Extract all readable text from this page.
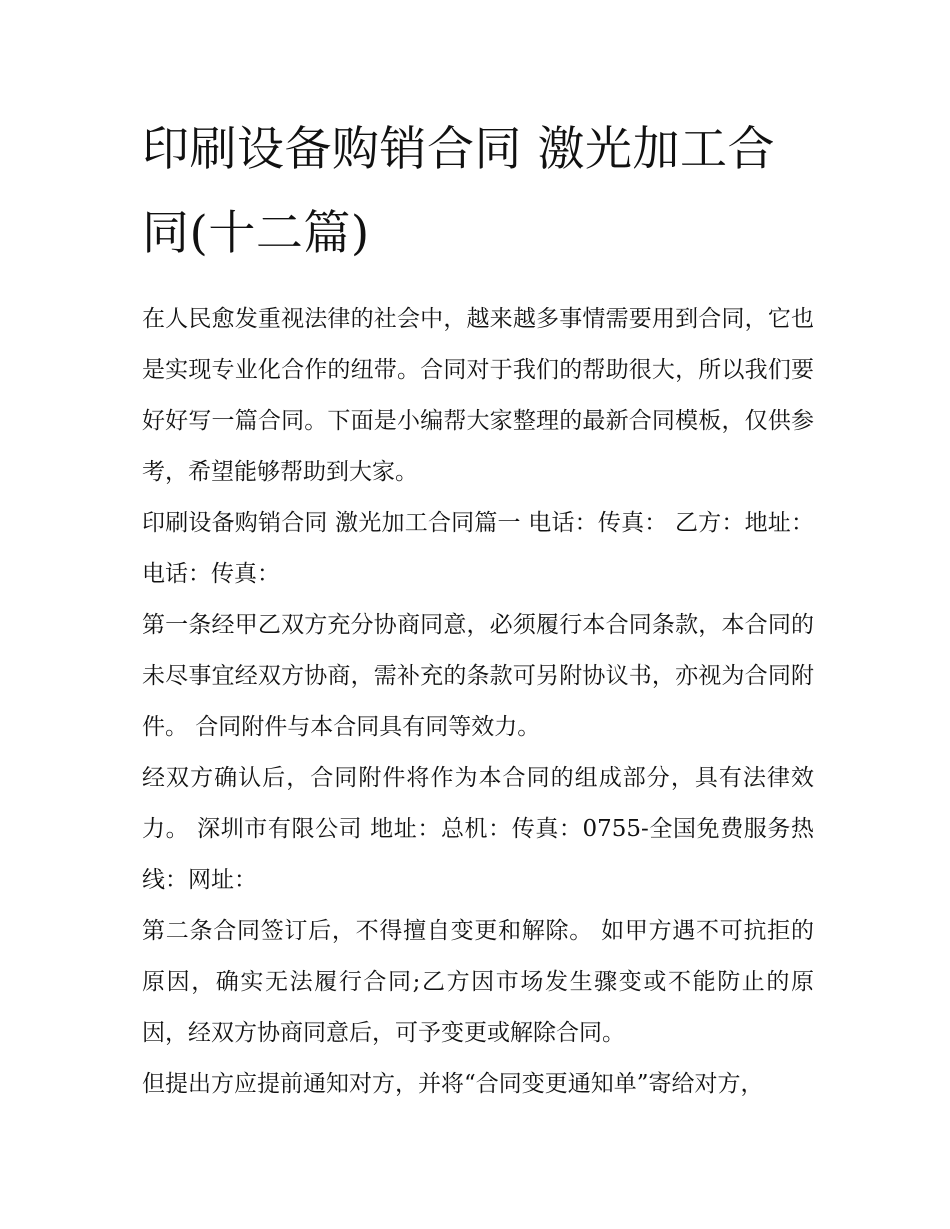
印刷设备购销合同 激光加工合同(十二篇)

在人民愈发重视法律的社会中，越来越多事情需要用到合同，它也是实现专业化合作的纽带。合同对于我们的帮助很大，所以我们要好好写一篇合同。下面是小编帮大家整理的最新合同模板，仅供参考，希望能够帮助到大家。

印刷设备购销合同 激光加工合同篇一 电话：传真： 乙方：地址： 电话：传真：

第一条经甲乙双方充分协商同意，必须履行本合同条款，本合同的未尽事宜经双方协商，需补充的条款可另附协议书，亦视为合同附件。 合同附件与本合同具有同等效力。

经双方确认后，合同附件将作为本合同的组成部分，具有法律效力。 深圳市有限公司 地址：总机：传真：0755-全国免费服务热线：网址：

第二条合同签订后，不得擅自变更和解除。 如甲方遇不可抗拒的原因，确实无法履行合同;乙方因市场发生骤变或不能防止的原因，经双方协商同意后，可予变更或解除合同。

但提出方应提前通知对方，并将“合同变更通知单”寄给对方，
